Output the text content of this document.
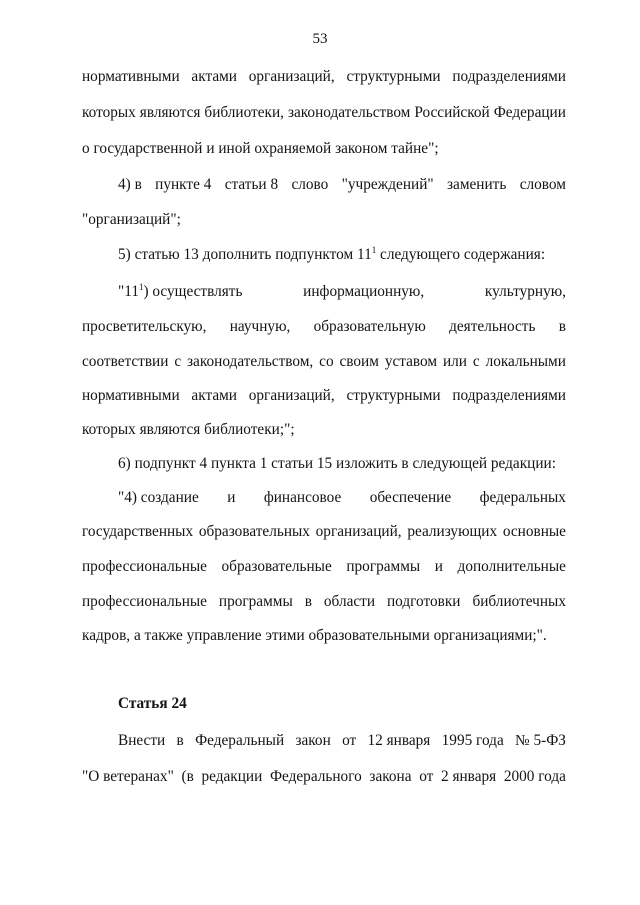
53
нормативными актами организаций, структурными подразделениями
которых являются библиотеки, законодательством Российской Федерации
о государственной и иной охраняемой законом тайне";
4) в пункте 4 статьи 8 слово "учреждений" заменить словом
"организаций";
5) статью 13 дополнить подпунктом $11^1$ следующего содержания:
"$11^1$) осуществлять	информационную,	культурную,
просветительскую, научную, образовательную деятельность в
соответствии с законодательством, со своим уставом или с локальными
нормативными актами организаций, структурными подразделениями
которых являются библиотеки;";
6) подпункт 4 пункта 1 статьи 15 изложить в следующей редакции:
"4) создание и финансовое обеспечение федеральных
государственных образовательных организаций, реализующих основные
профессиональные образовательные программы и дополнительные
профессиональные программы в области подготовки библиотечных
кадров, а также управление этими образовательными организациями;".
Статья 24
Внести в Федеральный закон от 12 января 1995 года № 5-ФЗ
"О ветеранах" (в редакции Федерального закона от 2 января 2000 года
